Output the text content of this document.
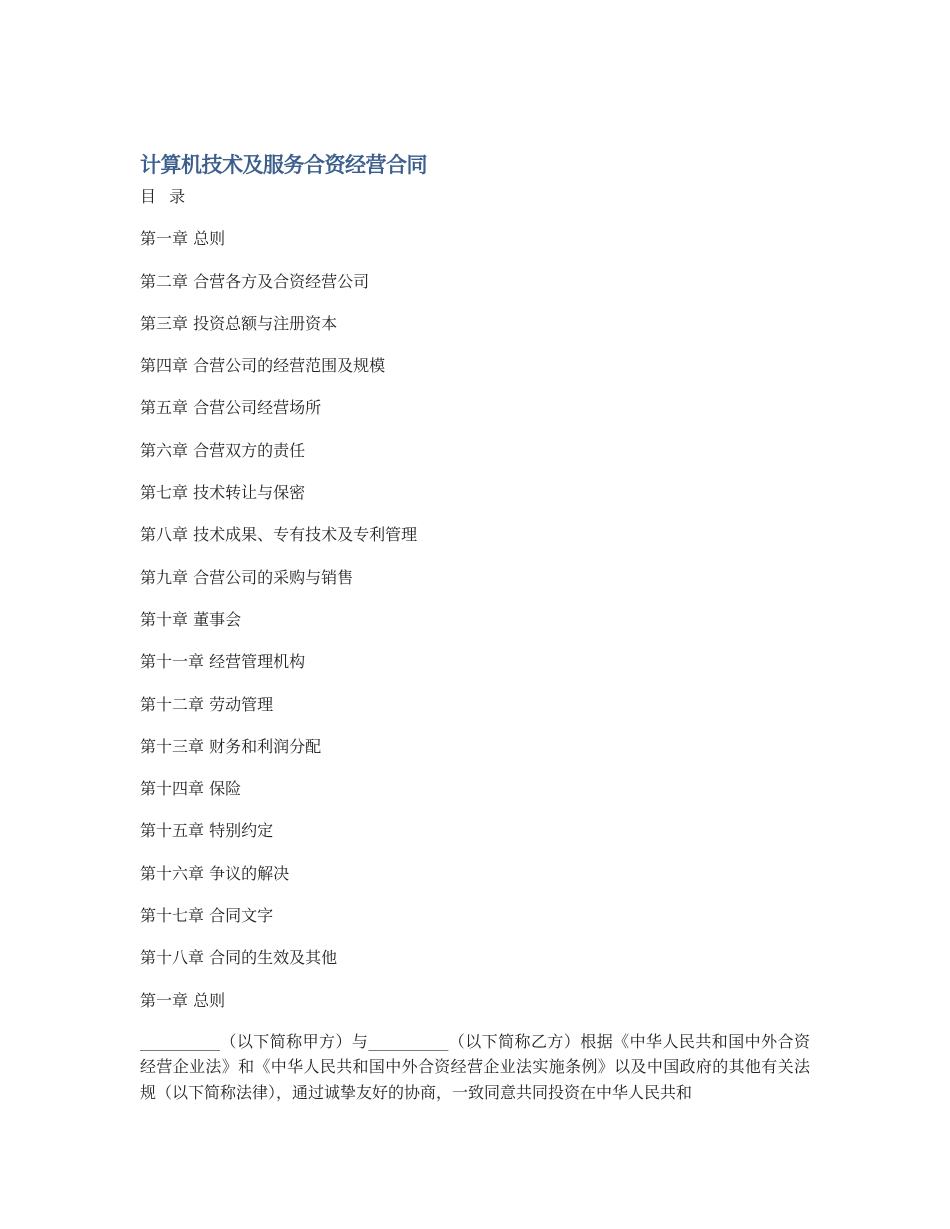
计算机技术及服务合资经营合同
目 录
第一章 总则
第二章 合营各方及合资经营公司
第三章 投资总额与注册资本
第四章 合营公司的经营范围及规模
第五章 合营公司经营场所
第六章 合营双方的责任
第七章 技术转让与保密
第八章 技术成果、专有技术及专利管理
第九章 合营公司的采购与销售
第十章 董事会
第十一章 经营管理机构
第十二章 劳动管理
第十三章 财务和利润分配
第十四章 保险
第十五章 特别约定
第十六章 争议的解决
第十七章 合同文字
第十八章 合同的生效及其他
第一章 总则

__________（以下简称甲方）与__________（以下简称乙方）根据《中华人民共和国中外合资经营企业法》和《中华人民共和国中外合资经营企业法实施条例》以及中国政府的其他有关法规（以下简称法律），通过诚挚友好的协商，一致同意共同投资在中华人民共和
